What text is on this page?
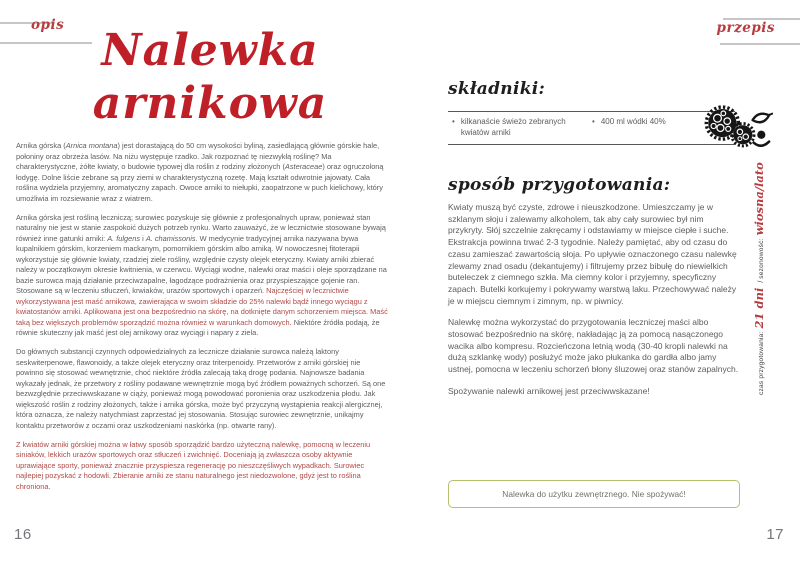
opis	przepis
Nalewka
arnikowa

Arnika górska (Arnica montana) jest dorastającą do 50 cm wysokości byliną, zasiedlającą głównie górskie hale, połoniny oraz obrzeża lasów. Na niżu występuje rzadko. Jak rozpoznać tę niezwykłą roślinę? Ma charakterystyczne, żółte kwiaty, o budowie typowej dla roślin z rodziny złożonych (Asteraceae) oraz ogruczoloną łodygę. Dolne liście zebrane są przy ziemi w charakterystyczną rozetę. Mają kształt odwrotnie jajowaty. Cała roślina wydziela przyjemny, aromatyczny zapach. Owoce arniki to niełupki, zaopatrzone w puch kielichowy, który umożliwia im rozsiewanie wraz z wiatrem.

Arnika górska jest rośliną leczniczą; surowiec pozyskuje się głównie z profesjonalnych upraw, ponieważ stan naturalny nie jest w stanie zaspokoić dużych potrzeb rynku. Warto zauważyć, że w lecznictwie stosowane bywają również inne gatunki arniki: A. fulgens i A. chamissonis. W medycynie tradycyjnej arnika nazywana bywa kupalnikiem górskim, korzeniem mackanym, pomornikiem górskim albo arniką. W nowoczesnej fitoterapii wykorzystuje się głównie kwiaty, rzadziej ziele rośliny, względnie czysty olejek eteryczny. Kwiaty arniki zbierać należy w początkowym okresie kwitnienia, w czerwcu. Wyciągi wodne, nalewki oraz maści i oleje sporządzane na bazie surowca mają działanie przeciwzapalne, łagodzące podrażnienia oraz przyspieszające gojenie ran. Stosowane są w leczeniu stłuczeń, krwiaków, urazów sportowych i oparzeń. Najczęściej w lecznictwie wykorzystywana jest maść arnikowa, zawierająca w swoim składzie do 25% nalewki bądź innego wyciągu z kwiatostanów arniki. Aplikowana jest ona bezpośrednio na skórę, na dotknięte danym schorzeniem miejsca. Maść taką bez większych problemów sporządzić można również w warunkach domowych. Niektóre źródła podają, że równie skuteczny jak maść jest olej arnikowy oraz wyciągi i napary z ziela.

Do głównych substancji czynnych odpowiedzialnych za lecznicze działanie surowca należą laktony seskwiterpenowe, flawonoidy, a także olejek eteryczny oraz triterpenoidy. Przetworów z arniki górskiej nie powinno się stosować wewnętrznie, choć niektóre źródła zalecają taką drogę podania. Najnowsze badania wykazały jednak, że przetwory z rośliny podawane wewnętrznie mogą być źródłem poważnych schorzeń. Są one bezwzględnie przeciwwskazane w ciąży, ponieważ mogą powodować poronienia oraz uszkodzenia płodu. Jak większość roślin z rodziny złożonych, także i arnika górska, może być przyczyną wystąpienia reakcji alergicznej, która oznacza, że należy natychmiast zaprzestać jej stosowania. Stosując surowiec zewnętrznie, unikajmy kontaktu przetworów z oczami oraz uszkodzeniami naskórka (np. otwarte rany).

Z kwiatów arniki górskiej można w łatwy sposób sporządzić bardzo użyteczną nalewkę, pomocną w leczeniu siniaków, lekkich urazów sportowych oraz stłuczeń i zwichnięć. Doceniają ją zwłaszcza osoby aktywnie uprawiające sporty, ponieważ znacznie przyspiesza regenerację po nieszczęśliwych wypadkach. Surowiec najlepiej pozyskać z hodowli. Zbieranie arniki ze stanu naturalnego jest niedozwolone, gdyż jest to roślina chroniona.

16
składniki:
• kilkanaście świeżo zebranych kwiatów arniki
• 400 ml wódki 40%
sposób przygotowania:

Kwiaty muszą być czyste, zdrowe i nieuszkodzone. Umieszczamy je w szklanym słoju i zalewamy alkoholem, tak aby cały surowiec był nim przykryty. Słój szczelnie zakręcamy i odstawiamy w miejsce ciepłe i suche. Ekstrakcja powinna trwać 2-3 tygodnie. Należy pamiętać, aby od czasu do czasu zamieszać zawartością słoja. Po upływie oznaczonego czasu nalewkę zlewamy znad osadu (dekantujemy) i filtrujemy przez bibułę do niewielkich buteleczek z ciemnego szkła. Ma ciemny kolor i przyjemny, specyficzny zapach. Butelki korkujemy i pokrywamy warstwą laku. Przechowywać należy je w miejscu ciemnym i zimnym, np. w piwnicy.

Nalewkę można wykorzystać do przygotowania leczniczej maści albo stosować bezpośrednio na skórę, nakładając ją za pomocą nasączonego wacika albo kompresu. Rozcieńczona letnią wodą (30-40 kropli nalewki na dużą szklankę wody) posłużyć może jako płukanka do gardła albo jamy ustnej, pomocna w leczeniu schorzeń błony śluzowej oraz stanów zapalnych.

Spożywanie nalewki arnikowej jest przeciwwskazane!

Nalewka do użytku zewnętrznego. Nie spożywać!
czas przygotowania:
21 dni
/
sezonowość:
wiosna/lato
17
